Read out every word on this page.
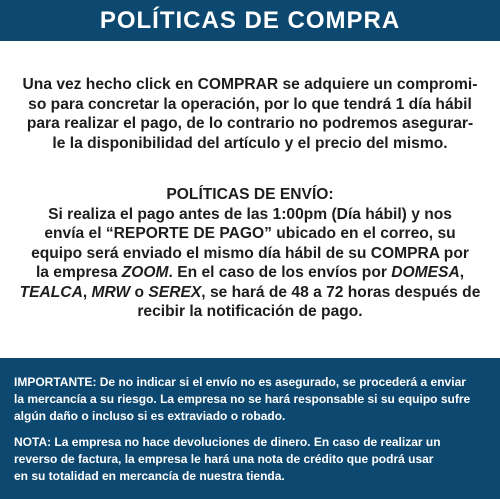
POLÍTICAS DE COMPRA
Una vez hecho click en COMPRAR se adquiere un compromi-
so para concretar la operación, por lo que tendrá 1 día hábil
para realizar el pago, de lo contrario no podremos asegurar-
le la disponibilidad del artículo y el precio del mismo.
POLÍTICAS DE ENVÍO:
Si realiza el pago antes de las 1:00pm (Día hábil) y nos
envía el “REPORTE DE PAGO” ubicado en el correo, su
equipo será enviado el mismo día hábil de su COMPRA por
la empresa ZOOM. En el caso de los envíos por DOMESA,
TEALCA, MRW o SEREX, se hará de 48 a 72 horas después de
recibir la notificación de pago.
IMPORTANTE: De no indicar si el envío no es asegurado, se procederá a enviar
la mercancía a su riesgo. La empresa no se hará responsable si su equipo sufre
algún daño o incluso si es extraviado o robado.
NOTA: La empresa no hace devoluciones de dinero. En caso de realizar un
reverso de factura, la empresa le hará una nota de crédito que podrá usar
en su totalidad en mercancía de nuestra tienda.
